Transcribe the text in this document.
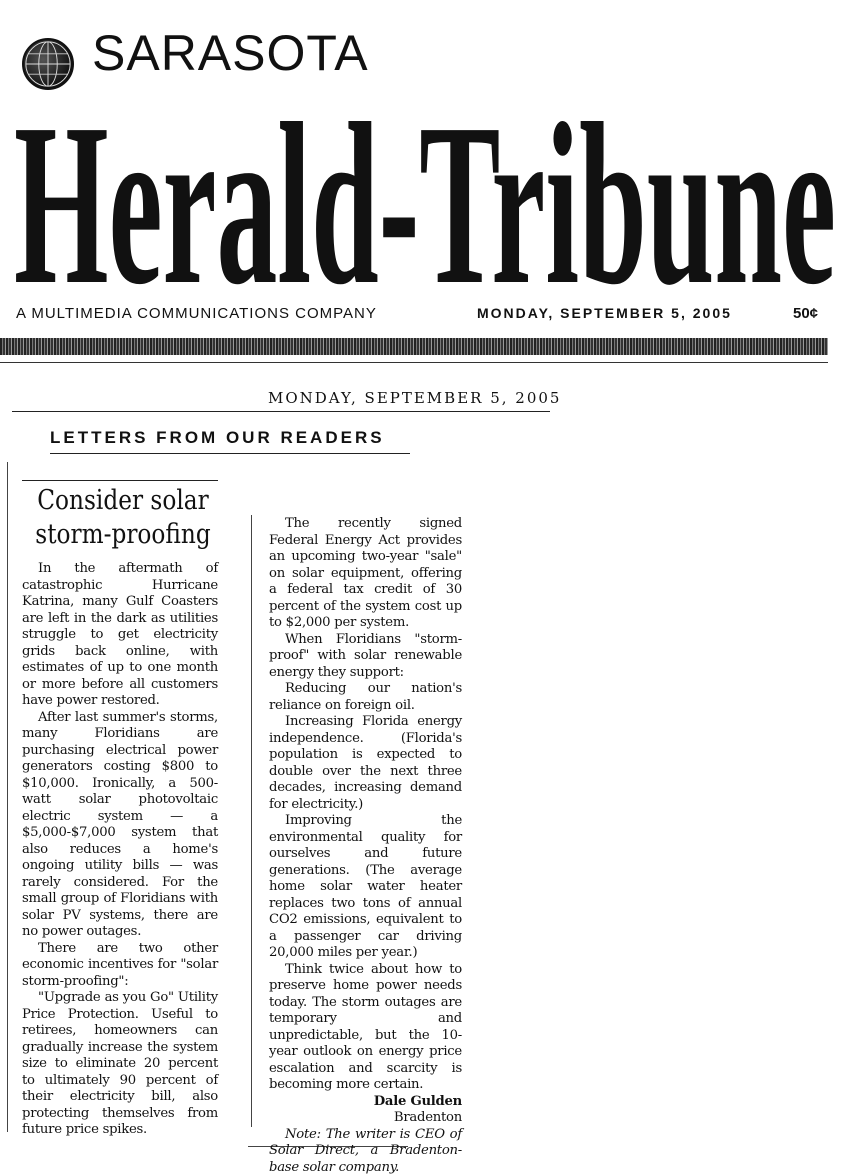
SARASOTA
Herald-Tribune
A MULTIMEDIA COMMUNICATIONS COMPANY	MONDAY, SEPTEMBER 5, 2005	50¢
MONDAY, SEPTEMBER 5, 2005
LETTERS FROM OUR READERS
Consider solar storm-proofing

In the aftermath of catastrophic Hurricane Katrina, many Gulf Coasters are left in the dark as utilities struggle to get electricity grids back online, with estimates of up to one month or more before all customers have power restored.

After last summer's storms, many Floridians are purchasing electrical power generators costing $800 to $10,000. Ironically, a 500-watt solar photovoltaic electric system — a $5,000-$7,000 system that also reduces a home's ongoing utility bills — was rarely considered. For the small group of Floridians with solar PV systems, there are no power outages.

There are two other economic incentives for "solar storm-proofing":

"Upgrade as you Go" Utility Price Protection. Useful to retirees, homeowners can gradually increase the system size to eliminate 20 percent to ultimately 90 percent of their electricity bill, also protecting themselves from future price spikes.

The recently signed Federal Energy Act provides an upcoming two-year "sale" on solar equipment, offering a federal tax credit of 30 percent of the system cost up to $2,000 per system.

When Floridians "storm-proof" with solar renewable energy they support:

Reducing our nation's reliance on foreign oil.

Increasing Florida energy independence. (Florida's population is expected to double over the next three decades, increasing demand for electricity.)

Improving the environmental quality for ourselves and future generations. (The average home solar water heater replaces two tons of annual CO2 emissions, equivalent to a passenger car driving 20,000 miles per year.)

Think twice about how to preserve home power needs today. The storm outages are temporary and unpredictable, but the 10-year outlook on energy price escalation and scarcity is becoming more certain.

Dale Gulden

Bradenton

Note: The writer is CEO of Solar Direct, a Bradenton-base solar company.
